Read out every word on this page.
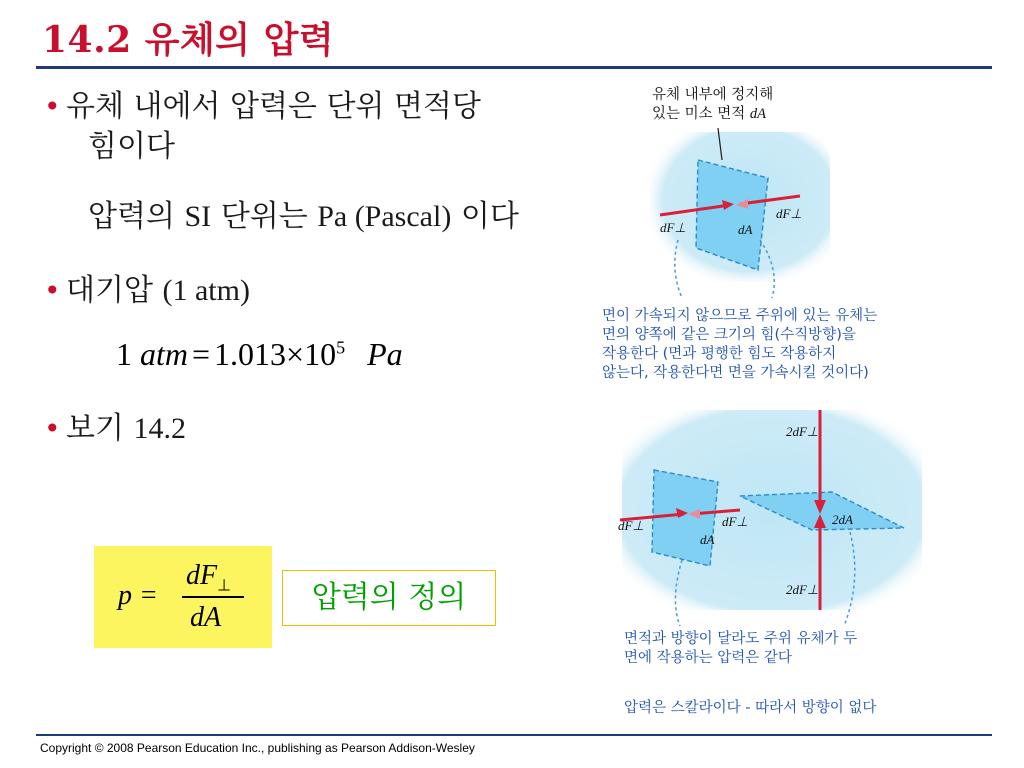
14.2 유체의 압력
• 유체 내에서 압력은 단위 면적당
힘이다
압력의 SI 단위는 Pa (Pascal) 이다
• 대기압 (1 atm)
1 atm = $1.013\times 10^5$ Pa
• 보기 14.2
p =
$dF_\perp$
dA
압력의 정의
유체 내부에 정지해
있는 미소 면적 dA
dF⊥
dF⊥
dA
면이 가속되지 않으므로 주위에 있는 유체는
면의 양쪽에 같은 크기의 힘(수직방향)을
작용한다 (면과 평행한 힘도 작용하지
않는다, 작용한다면 면을 가속시킬 것이다)
2dF⊥
2dF⊥
2dA
dF⊥	dF⊥
dA
면적과 방향이 달라도 주위 유체가 두
면에 작용하는 압력은 같다
압력은 스칼라이다 - 따라서 방향이 없다
Copyright © 2008 Pearson Education Inc., publishing as Pearson Addison-Wesley
